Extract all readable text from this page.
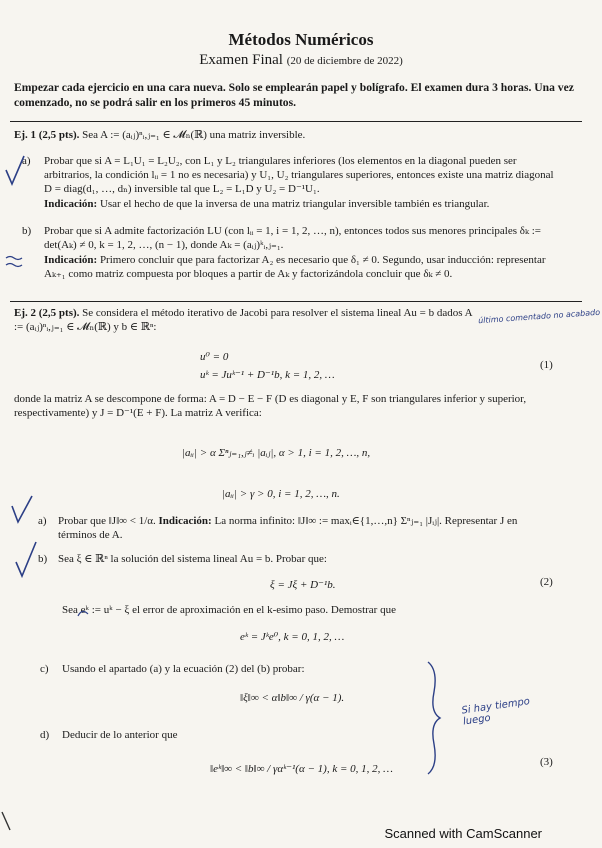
Métodos Numéricos
Examen Final (20 de diciembre de 2022)
Empezar cada ejercicio en una cara nueva. Solo se emplearán papel y bolígrafo. El examen dura 3 horas. Una vez comenzado, no se podrá salir en los primeros 45 minutos.
Ej. 1 (2,5 pts). Sea A := (aᵢⱼ)ⁿᵢ,ⱼ₌₁ ∈ 𝓜ₙ(ℝ) una matriz inversible.
a) Probar que si A = L₁U₁ = L₂U₂, con L₁ y L₂ triangulares inferiores (los elementos en la diagonal pueden ser arbitrarios, la condición lᵢᵢ = 1 no es necesaria) y U₁, U₂ triangulares superiores, entonces existe una matriz diagonal D = diag(d₁, …, dₙ) inversible tal que L₂ = L₁D y U₂ = D⁻¹U₁.
Indicación: Usar el hecho de que la inversa de una matriz triangular inversible también es triangular.
b) Probar que si A admite factorización LU (con lᵢᵢ = 1, i = 1, 2, …, n), entonces todos sus menores principales δₖ := det(Aₖ) ≠ 0, k = 1, 2, …, (n − 1), donde Aₖ = (aᵢⱼ)ᵏᵢ,ⱼ₌₁.
Indicación: Primero concluir que para factorizar A₂ es necesario que δ₁ ≠ 0. Segundo, usar inducción: representar Aₖ₊₁ como matriz compuesta por bloques a partir de Aₖ y factorizándola concluir que δₖ ≠ 0.
Ej. 2 (2,5 pts). Se considera el método iterativo de Jacobi para resolver el sistema lineal Au = b dados A := (aᵢⱼ)ⁿᵢ,ⱼ₌₁ ∈ 𝓜ₙ(ℝ) y b ∈ ℝⁿ:
u⁰ = 0
uᵏ = Juᵏ⁻¹ + D⁻¹b, k = 1, 2, …
(1)
donde la matriz A se descompone de forma: A = D − E − F (D es diagonal y E, F son triangulares inferior y superior, respectivamente) y J = D⁻¹(E + F). La matriz A verifica:
|aᵢᵢ| > α Σⁿⱼ₌₁,ⱼ≠ᵢ |aᵢⱼ|, α > 1, i = 1, 2, …, n,
|aᵢᵢ| > γ > 0, i = 1, 2, …, n.
a) Probar que ‖J‖∞ < 1/α. Indicación: La norma infinito: ‖J‖∞ := maxᵢ∈{1,…,n} Σⁿⱼ₌₁ |Jᵢⱼ|. Representar J en términos de A.
b) Sea ξ ∈ ℝⁿ la solución del sistema lineal Au = b. Probar que:
ξ = Jξ + D⁻¹b.	(2)
Sea eᵏ := uᵏ − ξ el error de aproximación en el k-esimo paso. Demostrar que
eᵏ = Jᵏe⁰, k = 0, 1, 2, …
c) Usando el apartado (a) y la ecuación (2) del (b) probar:
‖ξ‖∞ < α‖b‖∞ / γ(α − 1).
d) Deducir de lo anterior que
‖eᵏ‖∞ < ‖b‖∞ / γαᵏ⁻¹(α − 1), k = 0, 1, 2, …
(3)
último comentado no acabado
Si hay tiempo luego
Scanned with CamScanner
